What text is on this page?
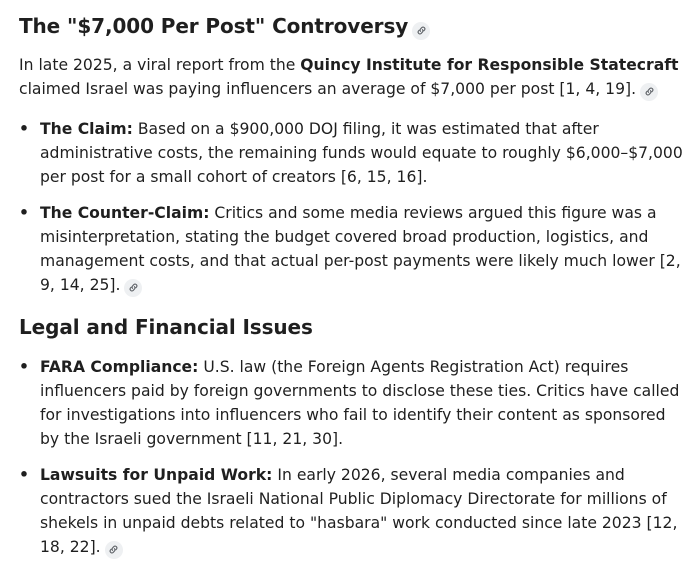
The "$7,000 Per Post" Controversy

In late 2025, a viral report from the Quincy Institute for Responsible Statecraft claimed Israel was paying influencers an average of $7,000 per post [1, 4, 19].

• The Claim: Based on a $900,000 DOJ filing, it was estimated that after administrative costs, the remaining funds would equate to roughly $6,000–$7,000 per post for a small cohort of creators [6, 15, 16].
• The Counter-Claim: Critics and some media reviews argued this figure was a misinterpretation, stating the budget covered broad production, logistics, and management costs, and that actual per-post payments were likely much lower [2, 9, 14, 25].
Legal and Financial Issues
• FARA Compliance: U.S. law (the Foreign Agents Registration Act) requires influencers paid by foreign governments to disclose these ties. Critics have called for investigations into influencers who fail to identify their content as sponsored by the Israeli government [11, 21, 30].
• Lawsuits for Unpaid Work: In early 2026, several media companies and contractors sued the Israeli National Public Diplomacy Directorate for millions of shekels in unpaid debts related to "hasbara" work conducted since late 2023 [12, 18, 22].
